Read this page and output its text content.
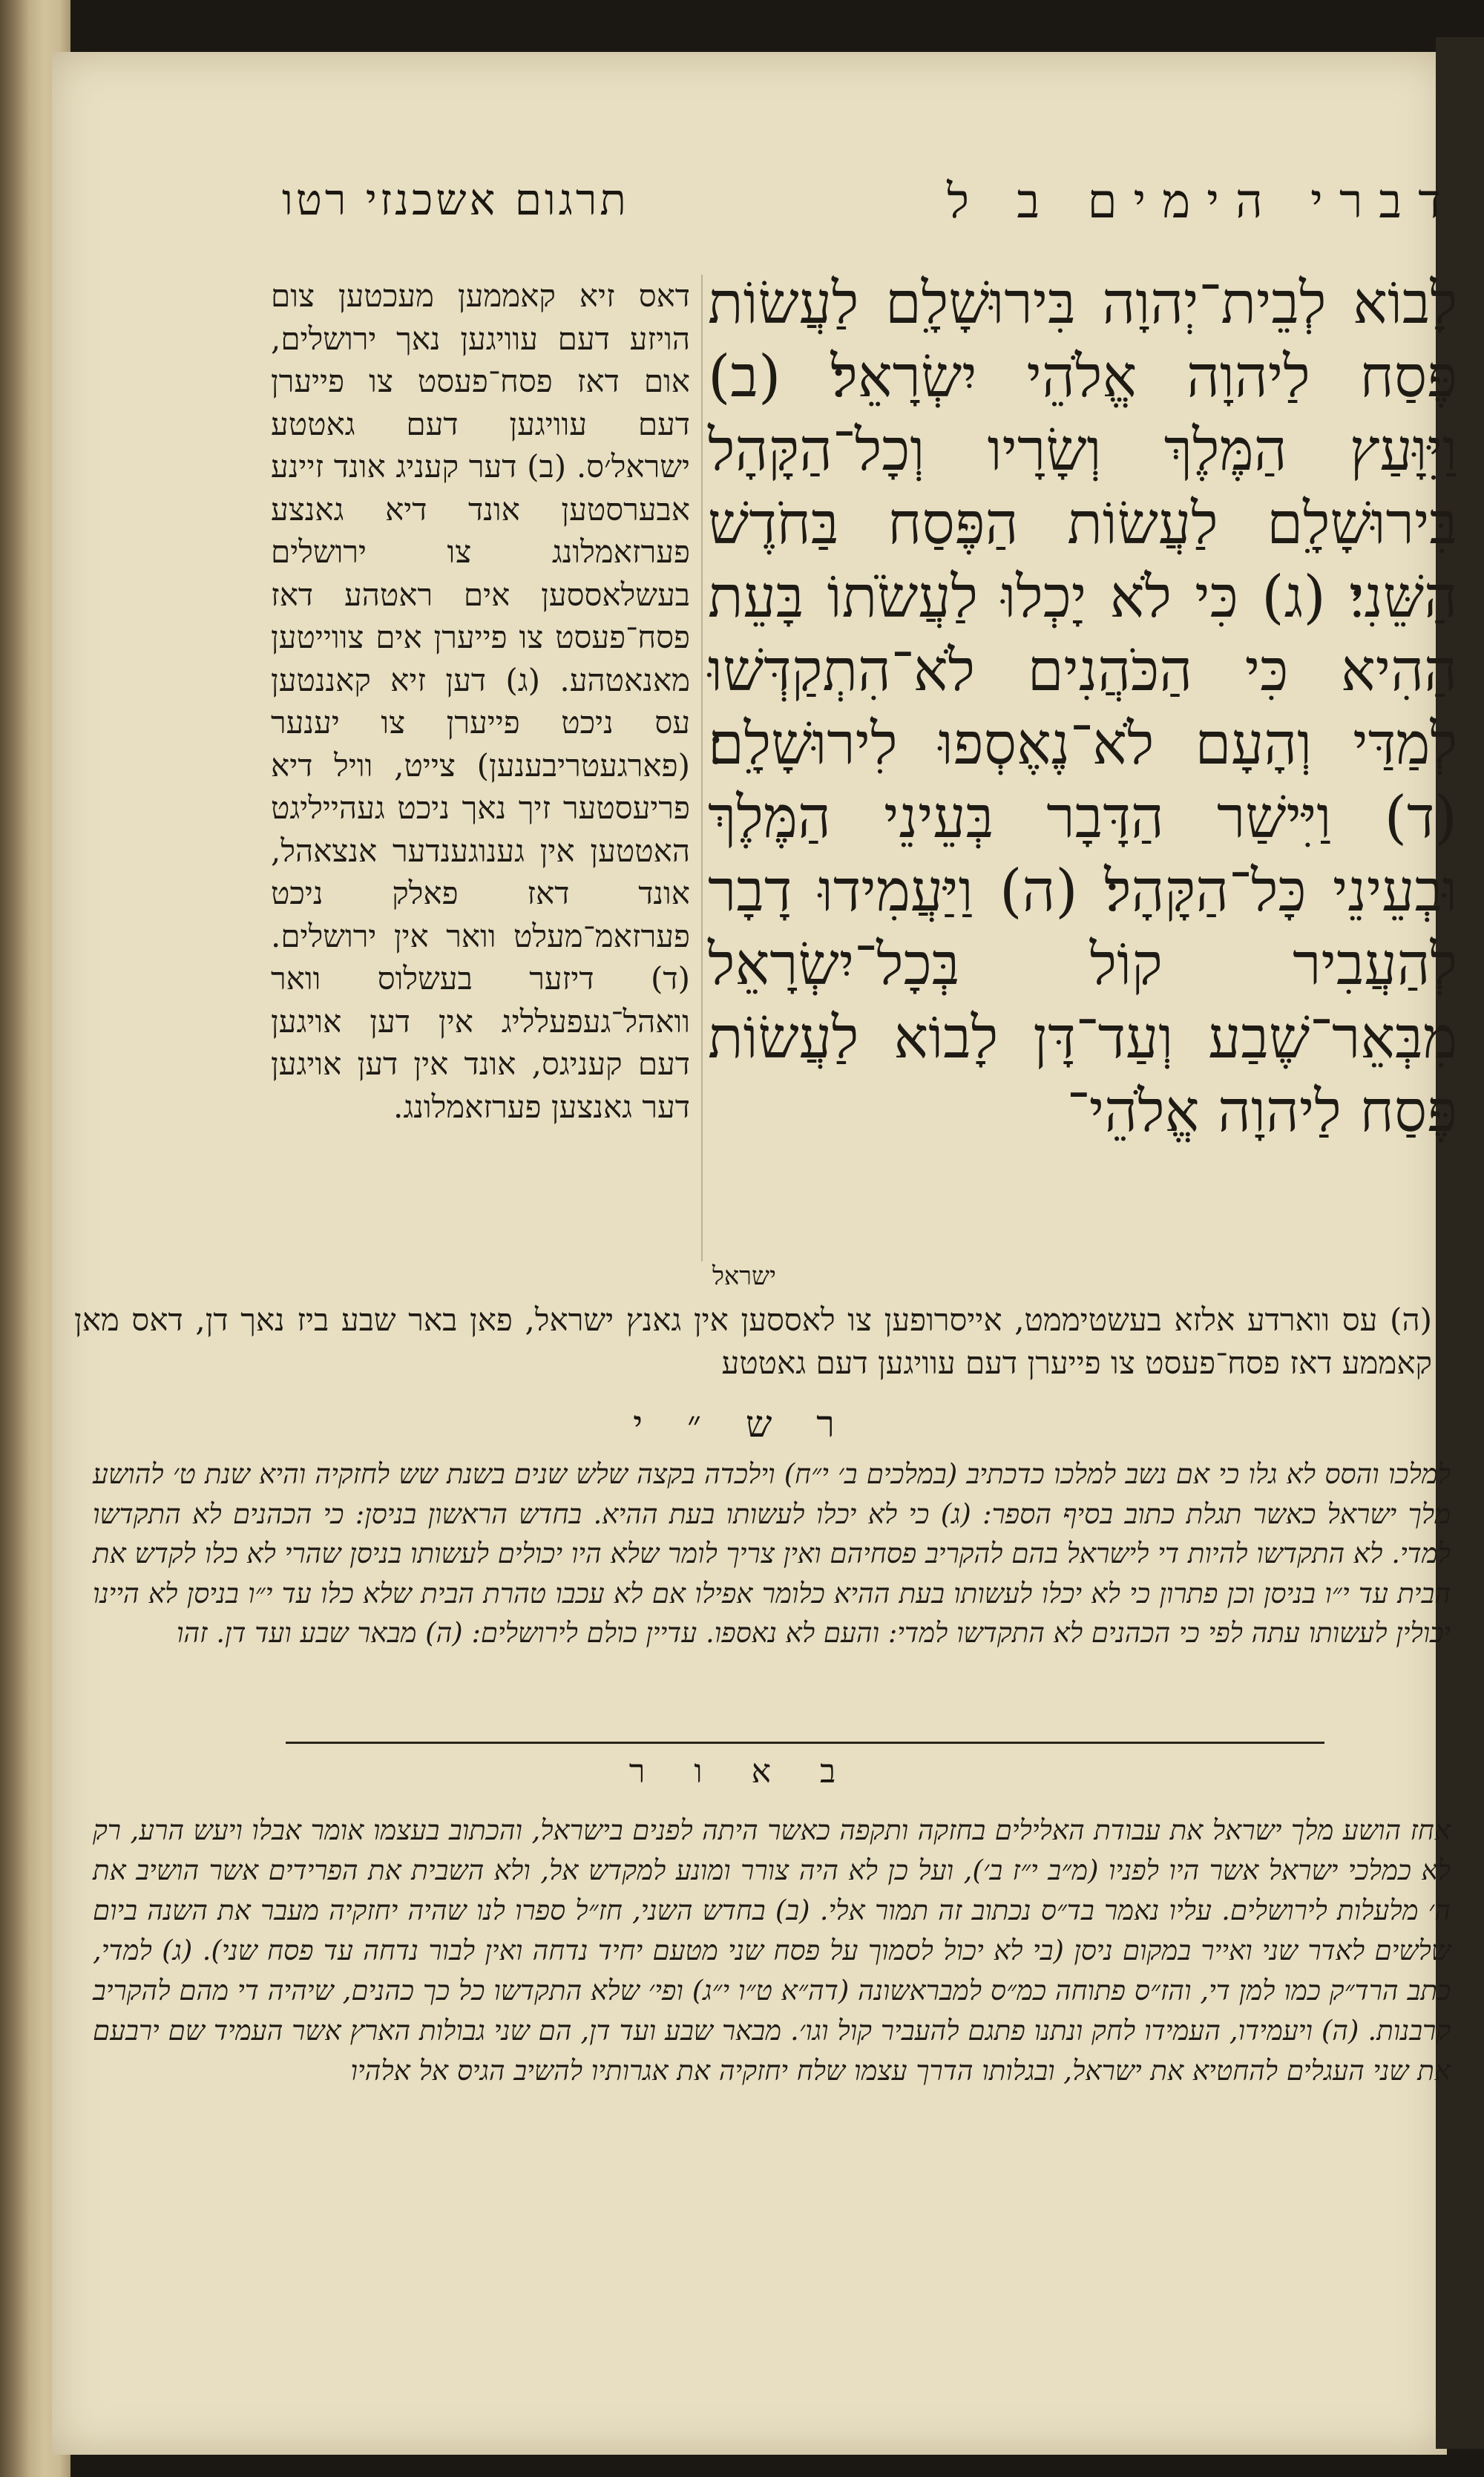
דברי הימים ב ל
תרגום אשכנזי רטו
לָבוֹא לְבֵית־יְהוָה בִּירוּשָׁלִָם לַעֲשׂוֹת פֶּסַח לַיהוָה אֱלֹהֵי יִשְׂרָאֵל׃ (ב) וַיִּוָּעַץ הַמֶּלֶךְ וְשָׂרָיו וְכָל־הַקָּהָל בִּירוּשָׁלִָם לַעֲשׂוֹת הַפֶּסַח בַּחֹדֶשׁ הַשֵּׁנִי׃ (ג) כִּי לֹא יָכְלוּ לַעֲשֹׂתוֹ בָּעֵת הַהִיא כִּי הַכֹּהֲנִים לֹא־הִתְקַדְּשׁוּ לְמַדַּי וְהָעָם לֹא־נֶאֶסְפוּ לִירוּשָׁלִָם׃ (ד) וַיִּישַׁר הַדָּבָר בְּעֵינֵי הַמֶּלֶךְ וּבְעֵינֵי כָּל־הַקָּהָל׃ (ה) וַיַּעֲמִידוּ דָבָר לְהַעֲבִיר קוֹל בְּכָל־יִשְׂרָאֵל מִבְּאֵר־שֶׁבַע וְעַד־דָּן לָבוֹא לַעֲשׂוֹת פֶּסַח לַיהוָה אֱלֹהֵי־
דאס זיא קאממען מעכטען צום הויזע דעם עוויגען נאך ירושלים, אום דאז פסח־פעסט צו פייערן דעם עוויגען דעם גאטטע ישראל׳ס. (ב) דער קעניג אונד זיינע אבערסטען אונד דיא גאנצע פערזאמלונג צו ירושלים בעשלאססען אים ראטהע דאז פסח־פעסט צו פייערן אים צווייטען מאנאטהע. (ג) דען זיא קאננטען עס ניכט פייערן צו יענער (פארגעטריבענען) צייט, וויל דיא פריעסטער זיך נאך ניכט געהייליגט האטטען אין גענוגענדער אנצאהל, אונד דאז פאלק ניכט פערזאמ־מעלט וואר אין ירושלים. (ד) דיזער בעשלוס וואר וואהל־געפעלליג אין דען אויגען דעם קעניגס, אונד אין דען אויגען דער גאנצען פערזאמלונג.
ישראל
(ה) עס ווארדע אלזא בעשטיממט, אייסרופען צו לאססען אין גאנץ ישראל, פאן באר שבע ביז נאך דן, דאס מאן קאממע דאז פסח־פעסט צו פייערן דעם עוויגען דעם גאטטע
ר ש ״ י
למלכו והסס לא גלו כי אם נשב למלכו כדכתיב (במלכים ב׳ י״ח) וילכדה בקצה שלש שנים בשנת שש לחזקיה והיא שנת ט׳ להושע מלך ישראל כאשר תגלת כתוב בסיף הספר: (ג) כי לא יכלו לעשותו בעת ההיא. בחדש הראשון בניסן: כי הכהנים לא התקדשו למדי. לא התקדשו להיות די לישראל בהם להקריב פסחיהם ואין צריך לומר שלא היו יכולים לעשותו בניסן שהרי לא כלו לקדש את הבית עד י״ו בניסן וכן פתרון כי לא יכלו לעשותו בעת ההיא כלומר אפילו אם לא עכבו טהרת הבית שלא כלו עד י״ו בניסן לא היינו יכולין לעשותו עתה לפי כי הכהנים לא התקדשו למדי: והעם לא נאספו. עדיין כולם לירושלים: (ה) מבאר שבע ועד דן. זהו
ב א ו ר
אחז הושע מלך ישראל את עבודת האלילים בחזקה ותקפה כאשר היתה לפנים בישראל, והכתוב בעצמו אומר אבלו ויעש הרע, רק לא כמלכי ישראל אשר היו לפניו (מ״ב י״ז ב׳), ועל כן לא היה צורר ומונע למקדש אל, ולא השבית את הפרידים אשר הושיב את ה׳ מלעלות לירושלים. עליו נאמר בד״ס נכתוב זה תמור אלי. (ב) בחדש השני, חז״ל ספרו לנו שהיה יחזקיה מעבר את השנה ביום שלשים לאדר שני ואייר במקום ניסן (בי לא יכול לסמוך על פסח שני מטעם יחיד נדחה ואין לבור נדחה עד פסח שני). (ג) למדי, כתב הרד״ק כמו למן די, והז״ס פתוחה כמ״ס למבראשונה (דה״א ט״ו י״ג) ופי׳ שלא התקדשו כל כך כהנים, שיהיה די מהם להקריב קרבנות. (ה) ויעמידו, העמידו לחק ונתנו פתגם להעביר קול וגו׳. מבאר שבע ועד דן, הם שני גבולות הארץ אשר העמיד שם ירבעם את שני העגלים להחטיא את ישראל, ובגלותו הדרך עצמו שלח יחזקיה את אגרותיו להשיב הגיס אל אלהיו
